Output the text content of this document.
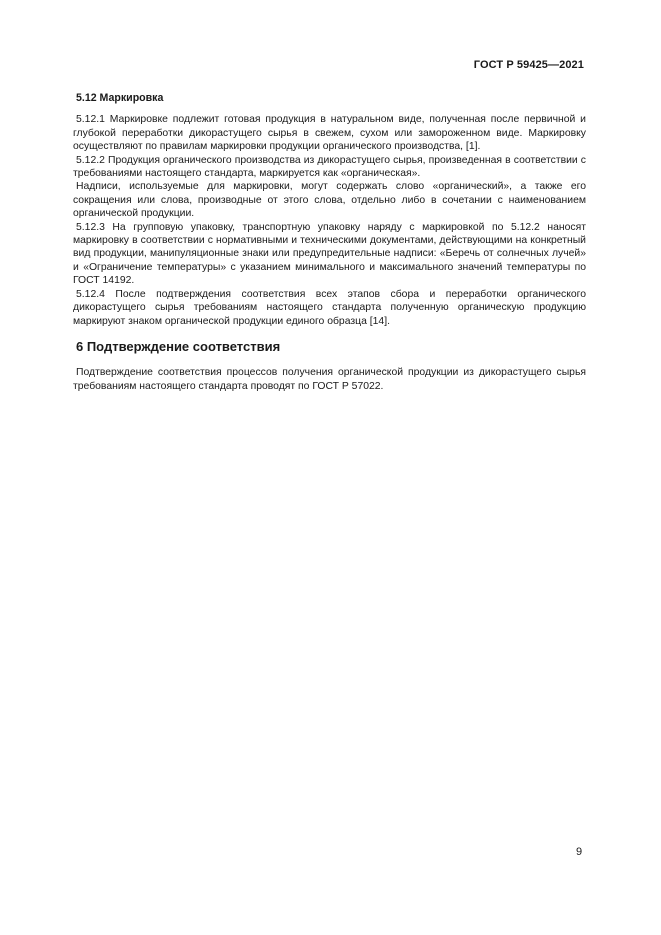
ГОСТ Р 59425—2021
5.12 Маркировка

5.12.1 Маркировке подлежит готовая продукция в натуральном виде, полученная после первичной и глубокой переработки дикорастущего сырья в свежем, сухом или замороженном виде. Маркировку осуществляют по правилам маркировки продукции органического производства, [1].

5.12.2 Продукция органического производства из дикорастущего сырья, произведенная в соответствии с требованиями настоящего стандарта, маркируется как «органическая».

Надписи, используемые для маркировки, могут содержать слово «органический», а также его сокращения или слова, производные от этого слова, отдельно либо в сочетании с наименованием органической продукции.

5.12.3 На групповую упаковку, транспортную упаковку наряду с маркировкой по 5.12.2 наносят маркировку в соответствии с нормативными и техническими документами, действующими на конкретный вид продукции, манипуляционные знаки или предупредительные надписи: «Беречь от солнечных лучей» и «Ограничение температуры» с указанием минимального и максимального значений температуры по ГОСТ 14192.

5.12.4 После подтверждения соответствия всех этапов сбора и переработки органического дикорастущего сырья требованиям настоящего стандарта полученную органическую продукцию маркируют знаком органической продукции единого образца [14].

6 Подтверждение соответствия

Подтверждение соответствия процессов получения органической продукции из дикорастущего сырья требованиям настоящего стандарта проводят по ГОСТ Р 57022.

9
